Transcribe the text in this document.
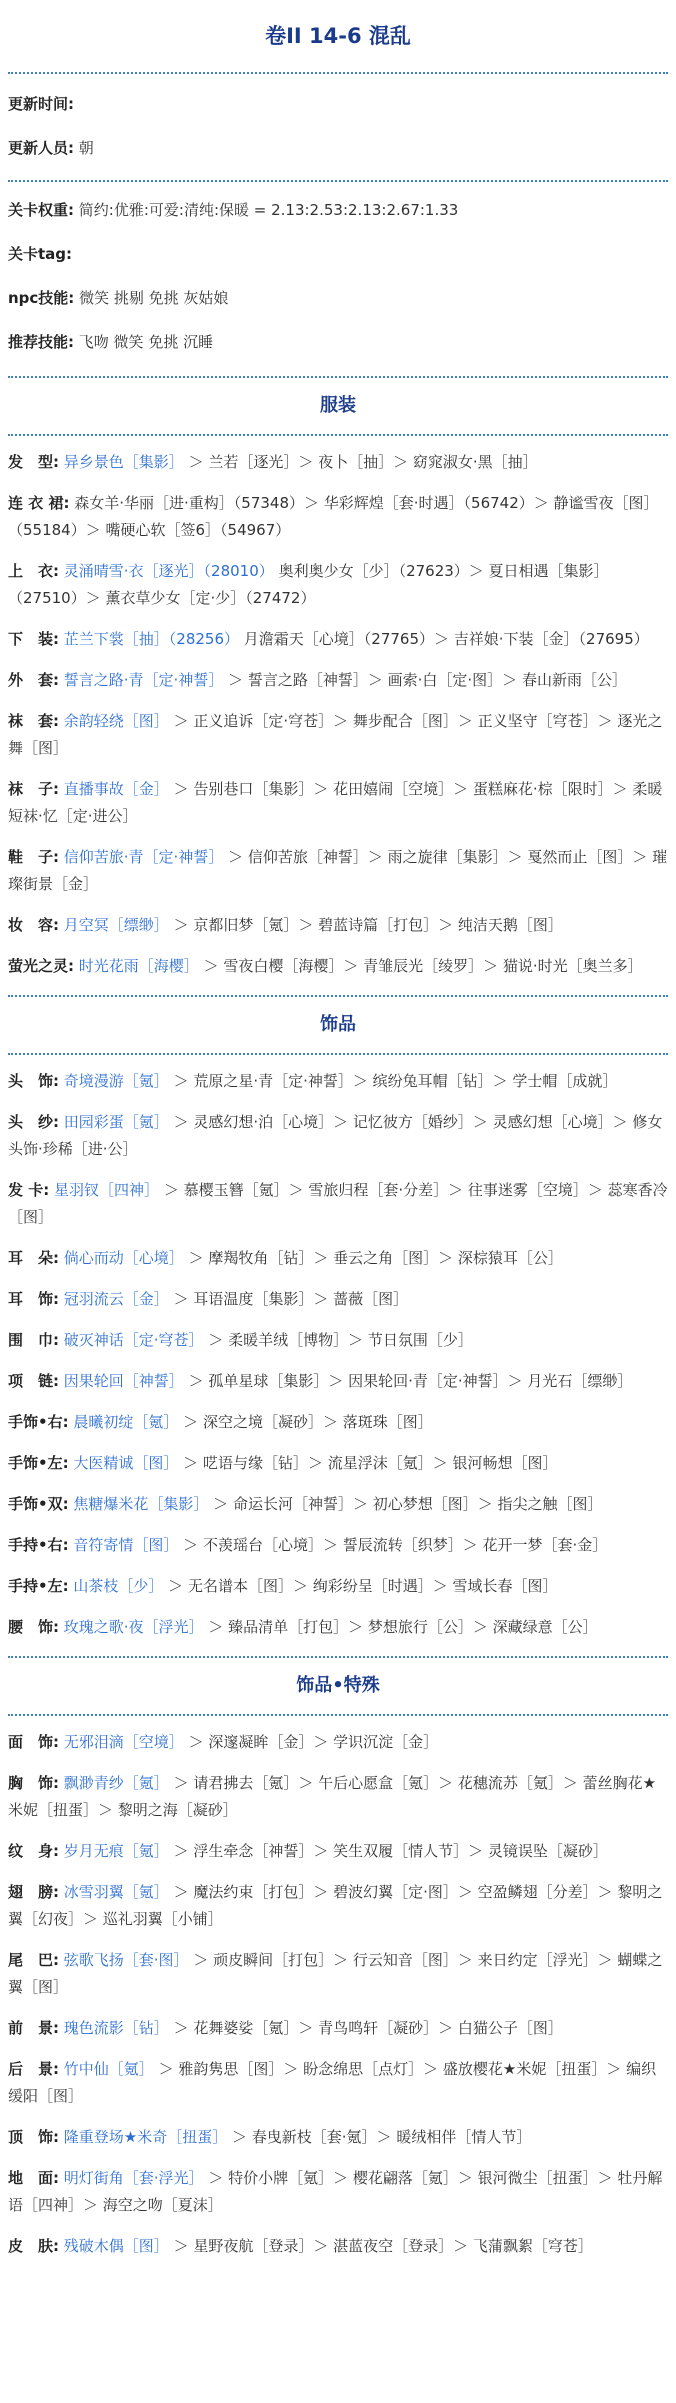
卷II 14-6 混乱
更新时间:
更新人员: 朝
关卡权重: 简约:优雅:可爱:清纯:保暖 = 2.13:2.53:2.13:2.67:1.33
关卡tag:
npc技能: 微笑 挑剔 免挑 灰姑娘
推荐技能: 飞吻 微笑 免挑 沉睡
服装
发　型: 异乡景色［集影］ ＞ 兰若［逐光］＞ 夜卜［抽］＞ 窈窕淑女·黑［抽］
连 衣 裙: 森女羊·华丽［进·重构］（57348）＞ 华彩辉煌［套·时遇］（56742）＞ 静谧雪夜［图］（55184）＞ 嘴硬心软［签6］（54967）
上　衣: 灵涌晴雪·衣［逐光］（28010） 奥利奥少女［少］（27623）＞ 夏日相遇［集影］（27510）＞ 薰衣草少女［定·少］（27472）
下　装: 芷兰下裳［抽］（28256） 月澹霜天［心境］（27765）＞ 吉祥娘·下装［金］（27695）
外　套: 誓言之路·青［定·神誓］ ＞ 誓言之路［神誓］＞ 画索·白［定·图］＞ 春山新雨［公］
袜　套: 余韵轻绕［图］ ＞ 正义追诉［定·穹苍］＞ 舞步配合［图］＞ 正义坚守［穹苍］＞ 逐光之舞［图］
袜　子: 直播事故［金］ ＞ 告别巷口［集影］＞ 花田嬉闹［空境］＞ 蛋糕麻花·棕［限时］＞ 柔暖短袜·忆［定·进公］
鞋　子: 信仰苦旅·青［定·神誓］ ＞ 信仰苦旅［神誓］＞ 雨之旋律［集影］＞ 戛然而止［图］＞ 璀璨街景［金］
妆　容: 月空冥［缥缈］ ＞ 京都旧梦［氪］＞ 碧蓝诗篇［打包］＞ 纯洁天鹅［图］
萤光之灵: 时光花雨［海樱］ ＞ 雪夜白樱［海樱］＞ 青雏辰光［绫罗］＞ 猫说·时光［奥兰多］
饰品
头　饰: 奇境漫游［氪］ ＞ 荒原之星·青［定·神誓］＞ 缤纷兔耳帽［钻］＞ 学士帽［成就］
头　纱: 田园彩蛋［氪］ ＞ 灵感幻想·泊［心境］＞ 记忆彼方［婚纱］＞ 灵感幻想［心境］＞ 修女头饰·珍稀［进·公］
发 卡: 星羽钗［四神］ ＞ 慕樱玉簪［氪］＞ 雪旅归程［套·分差］＞ 往事迷雾［空境］＞ 蕊寒香冷［图］
耳　朵: 倘心而动［心境］ ＞ 摩羯牧角［钻］＞ 垂云之角［图］＞ 深棕猿耳［公］
耳　饰: 冠羽流云［金］ ＞ 耳语温度［集影］＞ 蔷薇［图］
围　巾: 破灭神话［定·穹苍］ ＞ 柔暖羊绒［博物］＞ 节日氛围［少］
项　链: 因果轮回［神誓］ ＞ 孤单星球［集影］＞ 因果轮回·青［定·神誓］＞ 月光石［缥缈］
手饰•右: 晨曦初绽［氪］ ＞ 深空之境［凝砂］＞ 落斑珠［图］
手饰•左: 大医精诚［图］ ＞ 呓语与缘［钻］＞ 流星浮沫［氪］＞ 银河畅想［图］
手饰•双: 焦糖爆米花［集影］ ＞ 命运长河［神誓］＞ 初心梦想［图］＞ 指尖之触［图］
手持•右: 音符寄情［图］ ＞ 不羡瑶台［心境］＞ 誓辰流转［织梦］＞ 花开一梦［套·金］
手持•左: 山茶枝［少］ ＞ 无名谱本［图］＞ 绚彩纷呈［时遇］＞ 雪域长春［图］
腰　饰: 玫瑰之歌·夜［浮光］ ＞ 臻品清单［打包］＞ 梦想旅行［公］＞ 深藏绿意［公］
饰品•特殊
面　饰: 无邪泪滴［空境］ ＞ 深邃凝眸［金］＞ 学识沉淀［金］
胸　饰: 飘渺青纱［氪］ ＞ 请君拂去［氪］＞ 午后心愿盒［氪］＞ 花穗流苏［氪］＞ 蕾丝胸花★米妮［扭蛋］＞ 黎明之海［凝砂］
纹　身: 岁月无痕［氪］ ＞ 浮生牵念［神誓］＞ 笑生双履［情人节］＞ 灵镜误坠［凝砂］
翅　膀: 冰雪羽翼［氪］ ＞ 魔法约束［打包］＞ 碧波幻翼［定·图］＞ 空盈鳞翅［分差］＞ 黎明之翼［幻夜］＞ 巡礼羽翼［小铺］
尾　巴: 弦歌飞扬［套·图］ ＞ 顽皮瞬间［打包］＞ 行云知音［图］＞ 来日约定［浮光］＞ 蝴蝶之翼［图］
前　景: 瑰色流影［钻］ ＞ 花舞婆娑［氪］＞ 青鸟鸣轩［凝砂］＞ 白猫公子［图］
后　景: 竹中仙［氪］ ＞ 雅韵隽思［图］＞ 盼念绵思［点灯］＞ 盛放樱花★米妮［扭蛋］＞ 编织缓阳［图］
顶　饰: 隆重登场★米奇［扭蛋］ ＞ 春曳新枝［套·氪］＞ 暖绒相伴［情人节］
地　面: 明灯街角［套·浮光］ ＞ 特价小牌［氪］＞ 樱花翩落［氪］＞ 银河微尘［扭蛋］＞ 牡丹解语［四神］＞ 海空之吻［夏沫］
皮　肤: 残破木偶［图］ ＞ 星野夜航［登录］＞ 湛蓝夜空［登录］＞ 飞蒲飘絮［穹苍］
